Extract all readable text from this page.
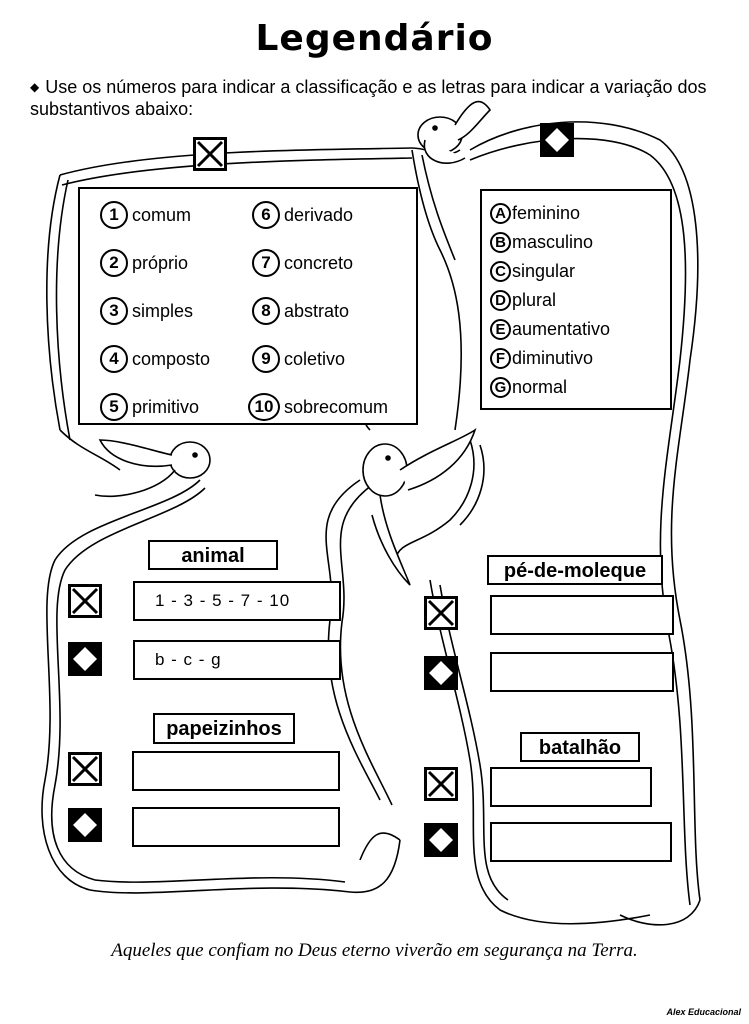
Legendário
◆ Use os números para indicar a classificação e as letras para indicar a variação dos substantivos abaixo:
1 comum
2 próprio
3 simples
4 composto
5 primitivo
6 derivado
7 concreto
8 abstrato
9 coletivo
10 sobrecomum
A feminino
B masculino
C singular
D plural
E aumentativo
F diminutivo
G normal
animal
1 - 3 - 5 - 7 - 10
b - c - g
papeizinhos
pé-de-moleque
batalhão
Aqueles que confiam no Deus eterno viverão em segurança na Terra.
Alex Educacional
